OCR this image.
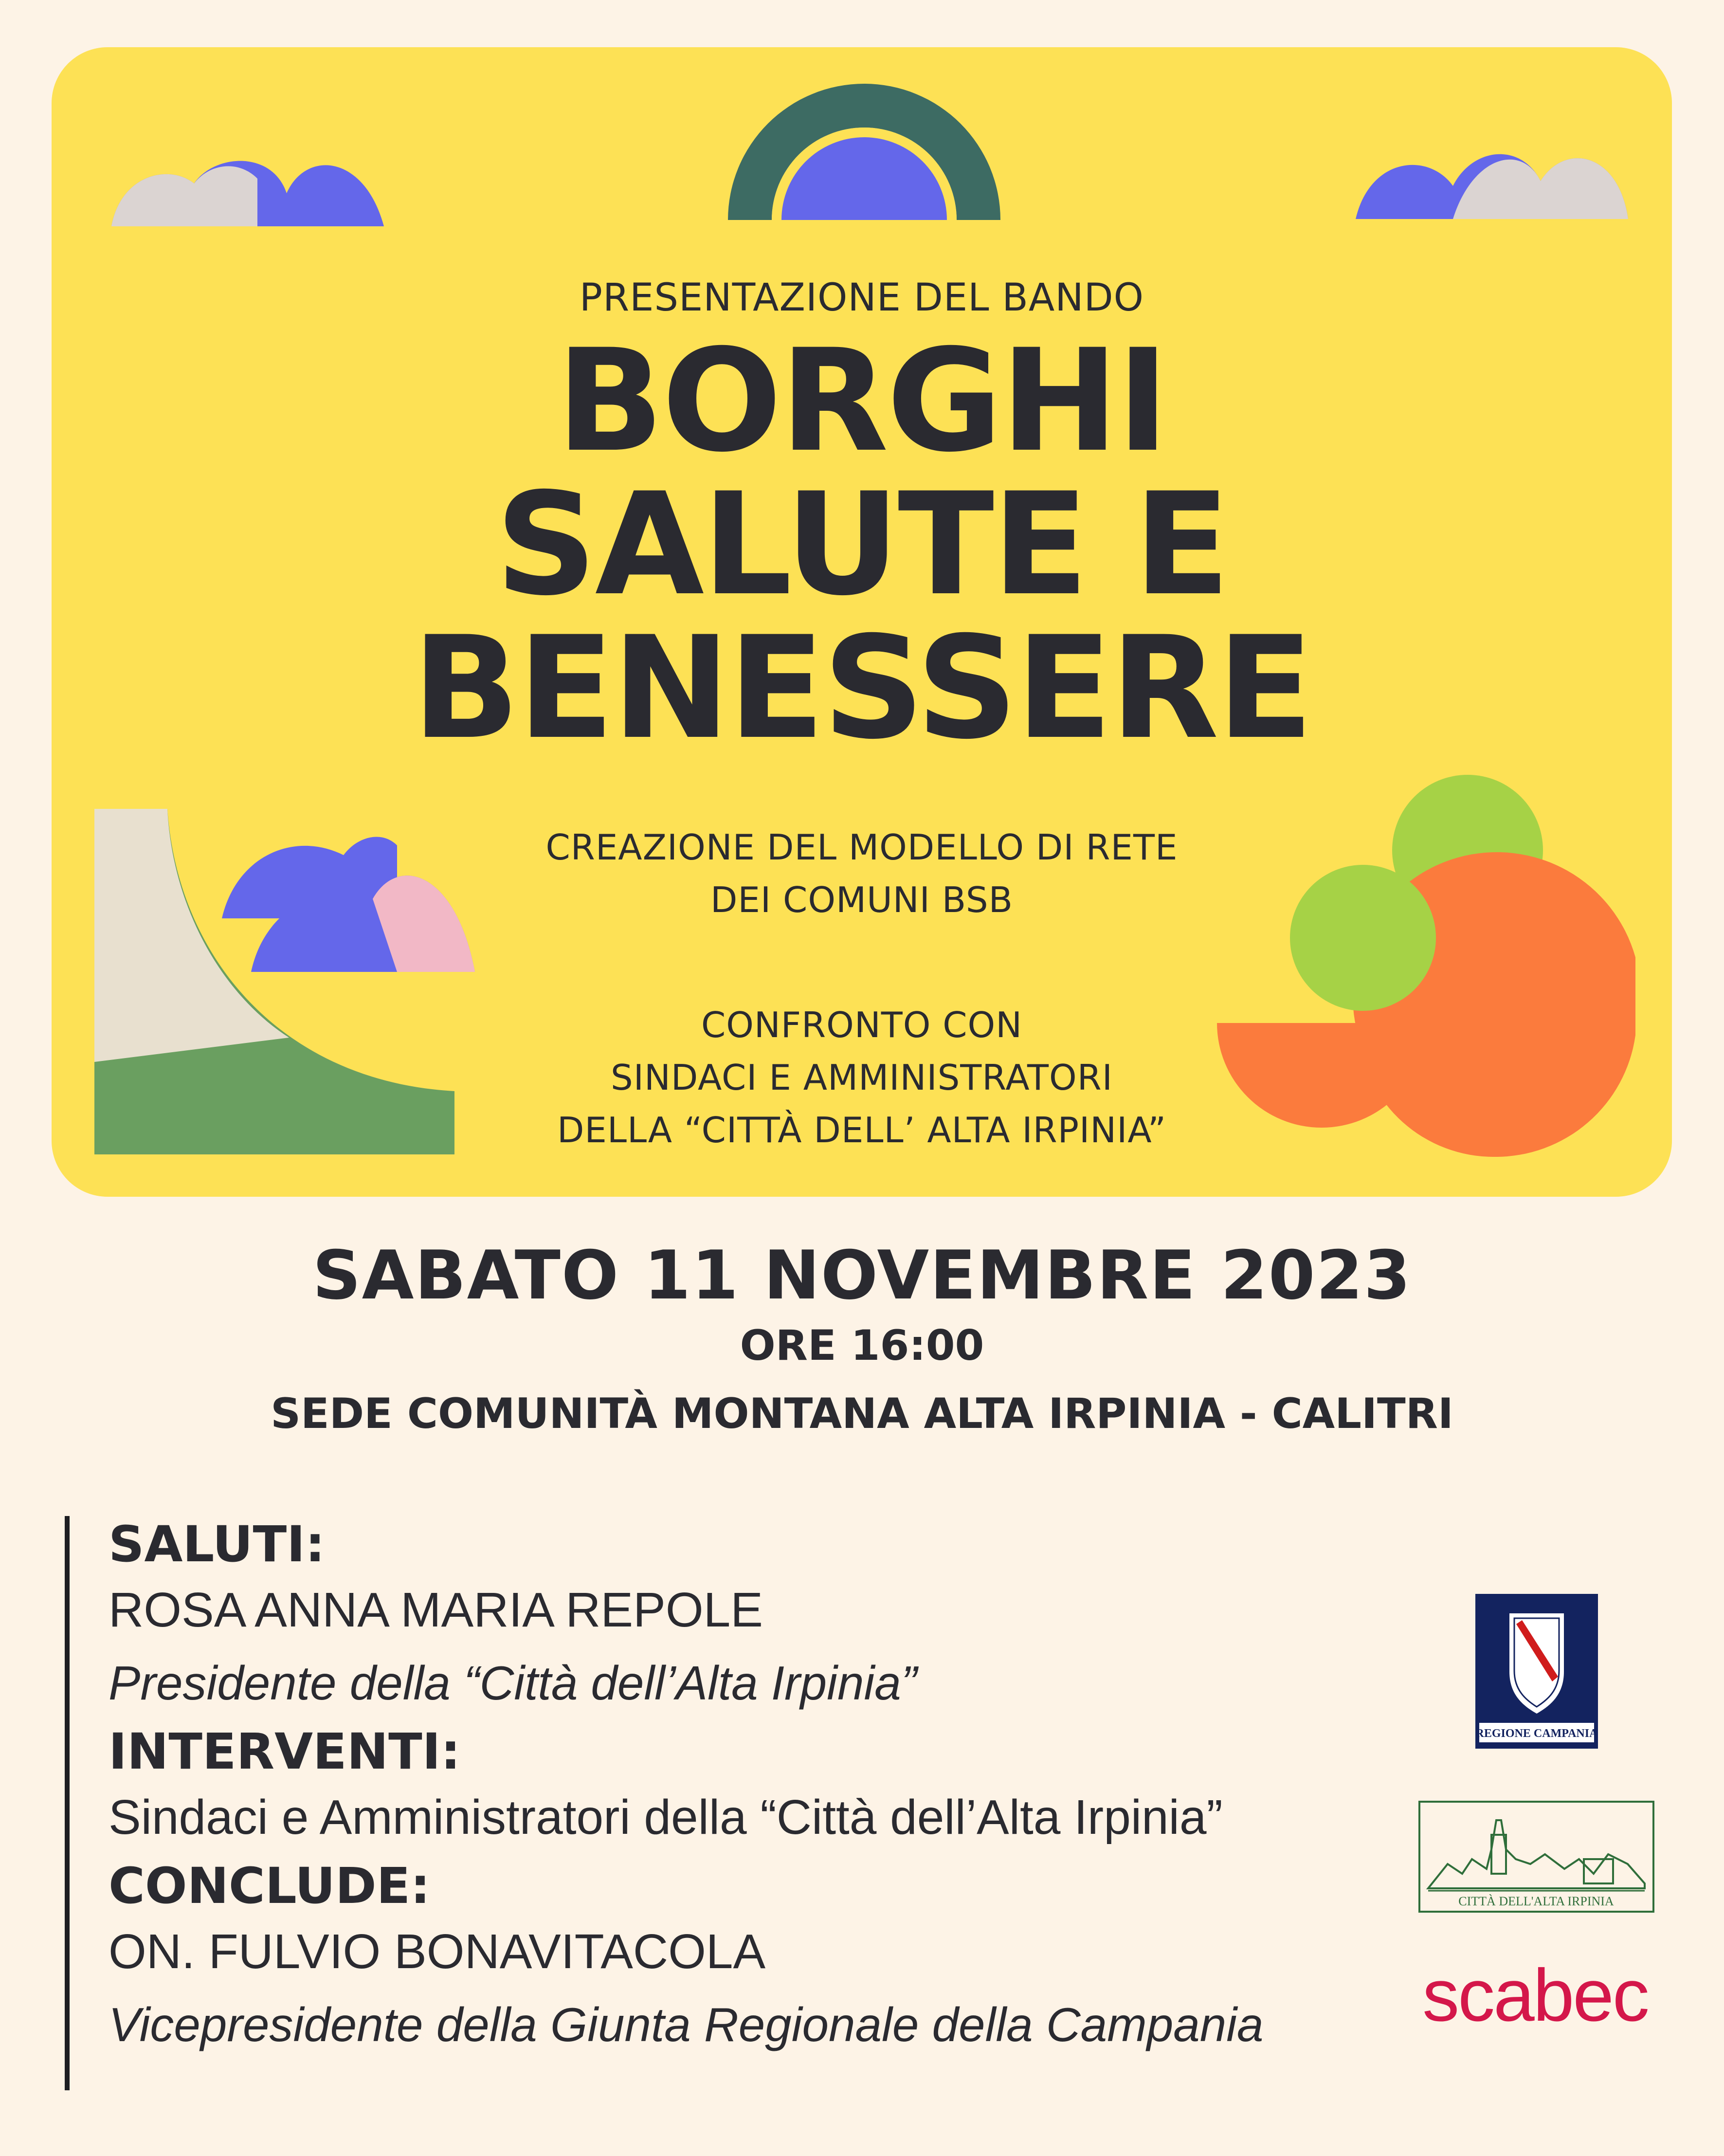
PRESENTAZIONE DEL BANDO
BORGHI
SALUTE E
BENESSERE
CREAZIONE DEL MODELLO DI RETE
DEI COMUNI BSB
CONFRONTO CON
SINDACI E AMMINISTRATORI
DELLA “CITTÀ DELL’ ALTA IRPINIA”
SABATO 11 NOVEMBRE 2023
ORE 16:00
SEDE COMUNITÀ MONTANA ALTA IRPINIA - CALITRI

SALUTI:

ROSA ANNA MARIA REPOLE

Presidente della “Città dell’Alta Irpinia”

INTERVENTI:

Sindaci e Amministratori della “Città dell’Alta Irpinia”

CONCLUDE:

ON. FULVIO BONAVITACOLA

Vicepresidente della Giunta Regionale della Campania

REGIONE CAMPANIA
CITTÀ DELL'ALTA IRPINIA
scabec
